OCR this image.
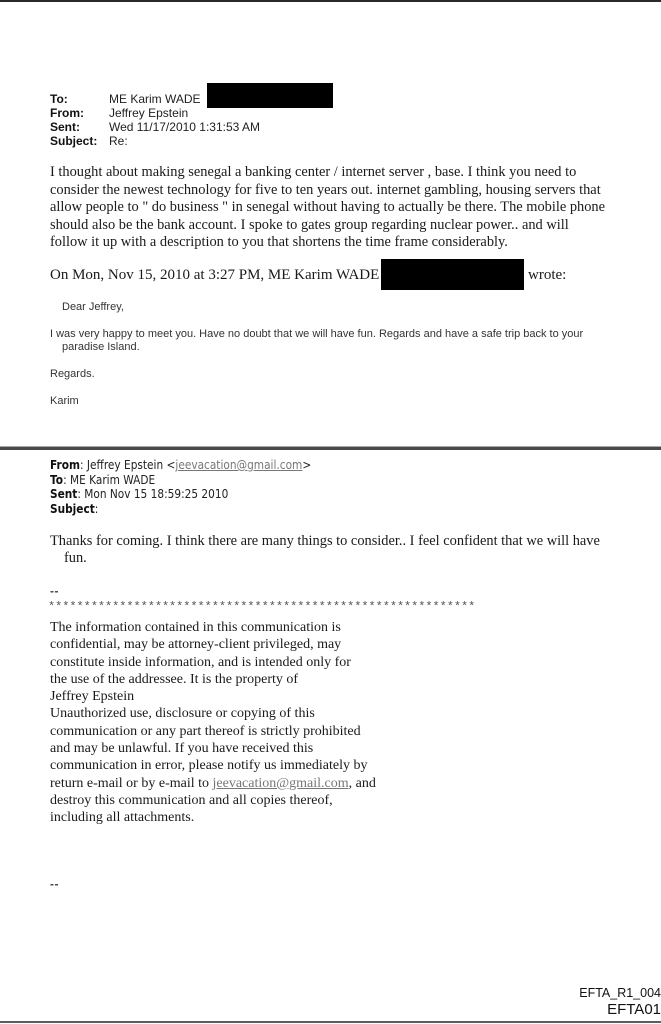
To:	ME Karim WADE
From:	Jeffrey Epstein
Sent:	Wed 11/17/2010 1:31:53 AM
Subject: Re:

I thought about making senegal a banking center / internet server , base. I think you need to

consider the newest technology for five to ten years out. internet gambling, housing servers that

allow people to " do business " in senegal without having to actually be there. The mobile phone

should also be the bank account. I spoke to gates group regarding nuclear power.. and will

follow it up with a description to you that shortens the time frame considerably.

On Mon, Nov 15, 2010 at 3:27 PM, ME Karim WADE	wrote:
Dear Jeffrey,
I was very happy to meet you. Have no doubt that we will have fun. Regards and have a safe trip back to your
paradise Island.
Regards.
Karim
From: Jeffrey Epstein <jeevacation@gmail.com>
To: ME Karim WADE
Sent: Mon Nov 15 18:59:25 2010
Subject:
Thanks for coming. I think there are many things to consider.. I feel confident that we will have
fun.
--
************************************************************

The information contained in this communication is

confidential, may be attorney-client privileged, may

constitute inside information, and is intended only for

the use of the addressee. It is the property of

Jeffrey Epstein

Unauthorized use, disclosure or copying of this

communication or any part thereof is strictly prohibited

and may be unlawful. If you have received this

communication in error, please notify us immediately by

return e-mail or by e-mail to jeevacation@gmail.com, and

destroy this communication and all copies thereof,

including all attachments.

--
EFTA_R1_004
EFTA01
